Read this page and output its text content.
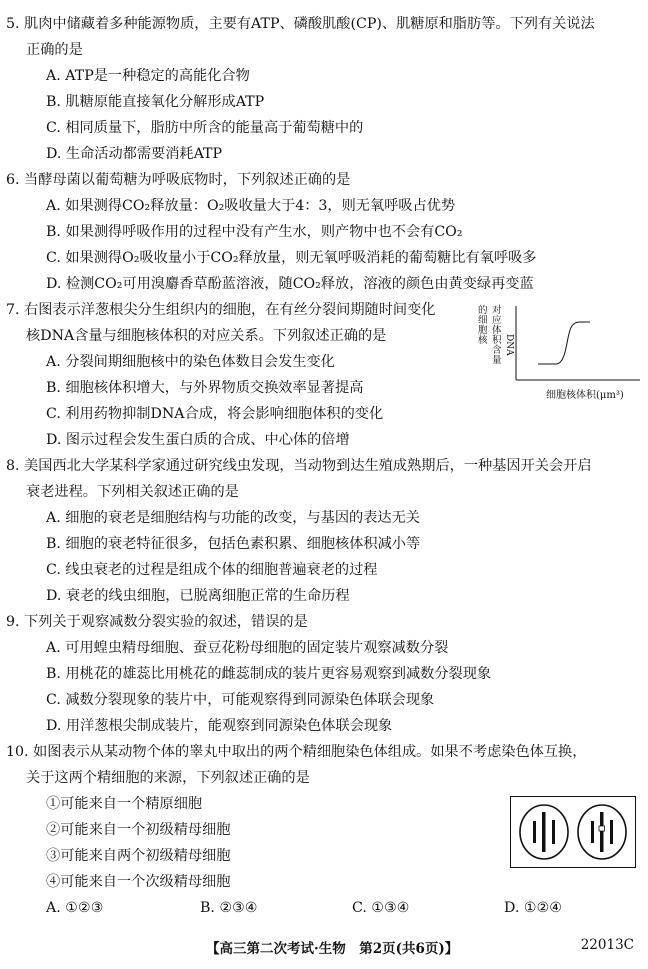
5. 肌肉中储藏着多种能源物质，主要有ATP、磷酸肌酸(CP)、肌糖原和脂肪等。下列有关说法
正确的是
A. ATP是一种稳定的高能化合物
B. 肌糖原能直接氧化分解形成ATP
C. 相同质量下，脂肪中所含的能量高于葡萄糖中的
D. 生命活动都需要消耗ATP
6. 当酵母菌以葡萄糖为呼吸底物时，下列叙述正确的是
A. 如果测得CO₂释放量：O₂吸收量大于4：3，则无氧呼吸占优势
B. 如果测得呼吸作用的过程中没有产生水，则产物中也不会有CO₂
C. 如果测得O₂吸收量小于CO₂释放量，则无氧呼吸消耗的葡萄糖比有氧呼吸多
D. 检测CO₂可用溴麝香草酚蓝溶液，随CO₂释放，溶液的颜色由黄变绿再变蓝
7. 右图表示洋葱根尖分生组织内的细胞，在有丝分裂间期随时间变化
核DNA含量与细胞核体积的对应关系。下列叙述正确的是
A. 分裂间期细胞核中的染色体数目会发生变化
B. 细胞核体积增大，与外界物质交换效率显著提高
C. 利用药物抑制DNA合成，将会影响细胞体积的变化
D. 图示过程会发生蛋白质的合成、中心体的倍增
的细胞核
对应体积含量
DNA
细胞核体积(μm³)
8. 美国西北大学某科学家通过研究线虫发现，当动物到达生殖成熟期后，一种基因开关会开启
衰老进程。下列相关叙述正确的是
A. 细胞的衰老是细胞结构与功能的改变，与基因的表达无关
B. 细胞的衰老特征很多，包括色素积累、细胞核体积减小等
C. 线虫衰老的过程是组成个体的细胞普遍衰老的过程
D. 衰老的线虫细胞，已脱离细胞正常的生命历程
9. 下列关于观察减数分裂实验的叙述，错误的是
A. 可用蝗虫精母细胞、蚕豆花粉母细胞的固定装片观察减数分裂
B. 用桃花的雄蕊比用桃花的雌蕊制成的装片更容易观察到减数分裂现象
C. 减数分裂现象的装片中，可能观察得到同源染色体联会现象
D. 用洋葱根尖制成装片，能观察到同源染色体联会现象
10. 如图表示从某动物个体的睾丸中取出的两个精细胞染色体组成。如果不考虑染色体互换，
关于这两个精细胞的来源，下列叙述正确的是
①可能来自一个精原细胞
②可能来自一个初级精母细胞
③可能来自两个初级精母细胞
④可能来自一个次级精母细胞
A. ①②③	B. ②③④	C. ①③④	D. ①②④
【高三第二次考试·生物　第2页(共6页)】	22013C
